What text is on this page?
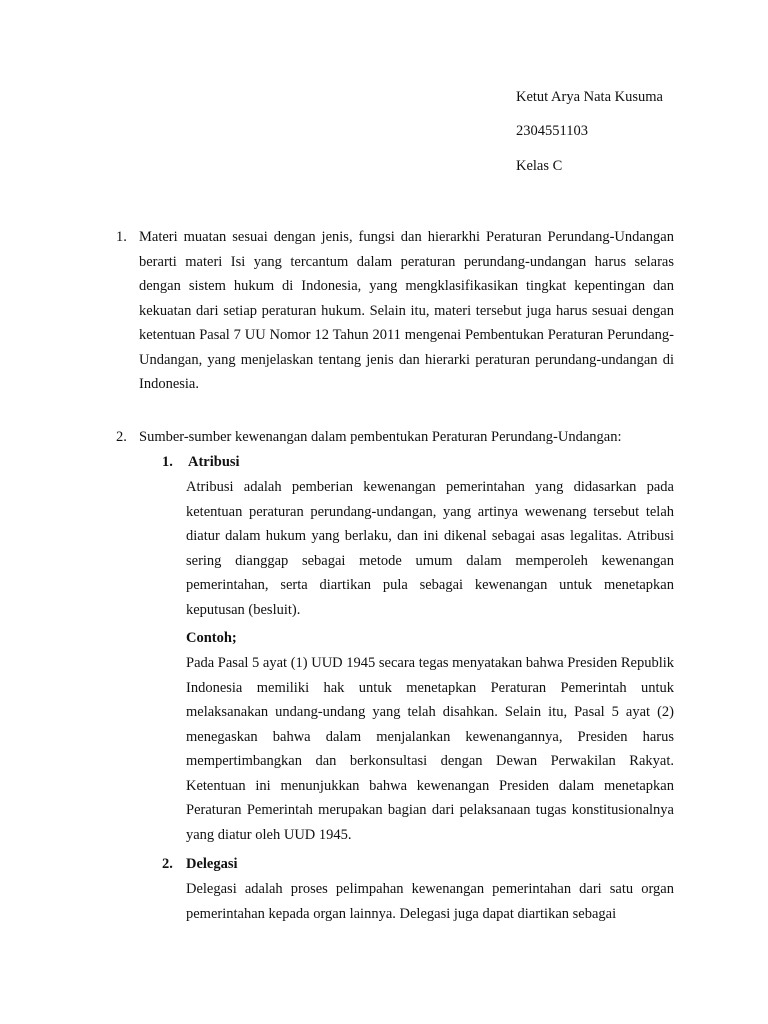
Ketut Arya Nata Kusuma
2304551103
Kelas C
1. Materi muatan sesuai dengan jenis, fungsi dan hierarkhi Peraturan Perundang-Undangan berarti materi Isi yang tercantum dalam peraturan perundang-undangan harus selaras dengan sistem hukum di Indonesia, yang mengklasifikasikan tingkat kepentingan dan kekuatan dari setiap peraturan hukum. Selain itu, materi tersebut juga harus sesuai dengan ketentuan Pasal 7 UU Nomor 12 Tahun 2011 mengenai Pembentukan Peraturan Perundang-Undangan, yang menjelaskan tentang jenis dan hierarki peraturan perundang-undangan di Indonesia.

2. Sumber-sumber kewenangan dalam pembentukan Peraturan Perundang-Undangan:

1. Atribusi

Atribusi adalah pemberian kewenangan pemerintahan yang didasarkan pada ketentuan peraturan perundang-undangan, yang artinya wewenang tersebut telah diatur dalam hukum yang berlaku, dan ini dikenal sebagai asas legalitas. Atribusi sering dianggap sebagai metode umum dalam memperoleh kewenangan pemerintahan, serta diartikan pula sebagai kewenangan untuk menetapkan keputusan (besluit).

Contoh;

Pada Pasal 5 ayat (1) UUD 1945 secara tegas menyatakan bahwa Presiden Republik Indonesia memiliki hak untuk menetapkan Peraturan Pemerintah untuk melaksanakan undang-undang yang telah disahkan. Selain itu, Pasal 5 ayat (2) menegaskan bahwa dalam menjalankan kewenangannya, Presiden harus mempertimbangkan dan berkonsultasi dengan Dewan Perwakilan Rakyat. Ketentuan ini menunjukkan bahwa kewenangan Presiden dalam menetapkan Peraturan Pemerintah merupakan bagian dari pelaksanaan tugas konstitusionalnya yang diatur oleh UUD 1945.

2. Delegasi

Delegasi adalah proses pelimpahan kewenangan pemerintahan dari satu organ pemerintahan kepada organ lainnya. Delegasi juga dapat diartikan sebagai
